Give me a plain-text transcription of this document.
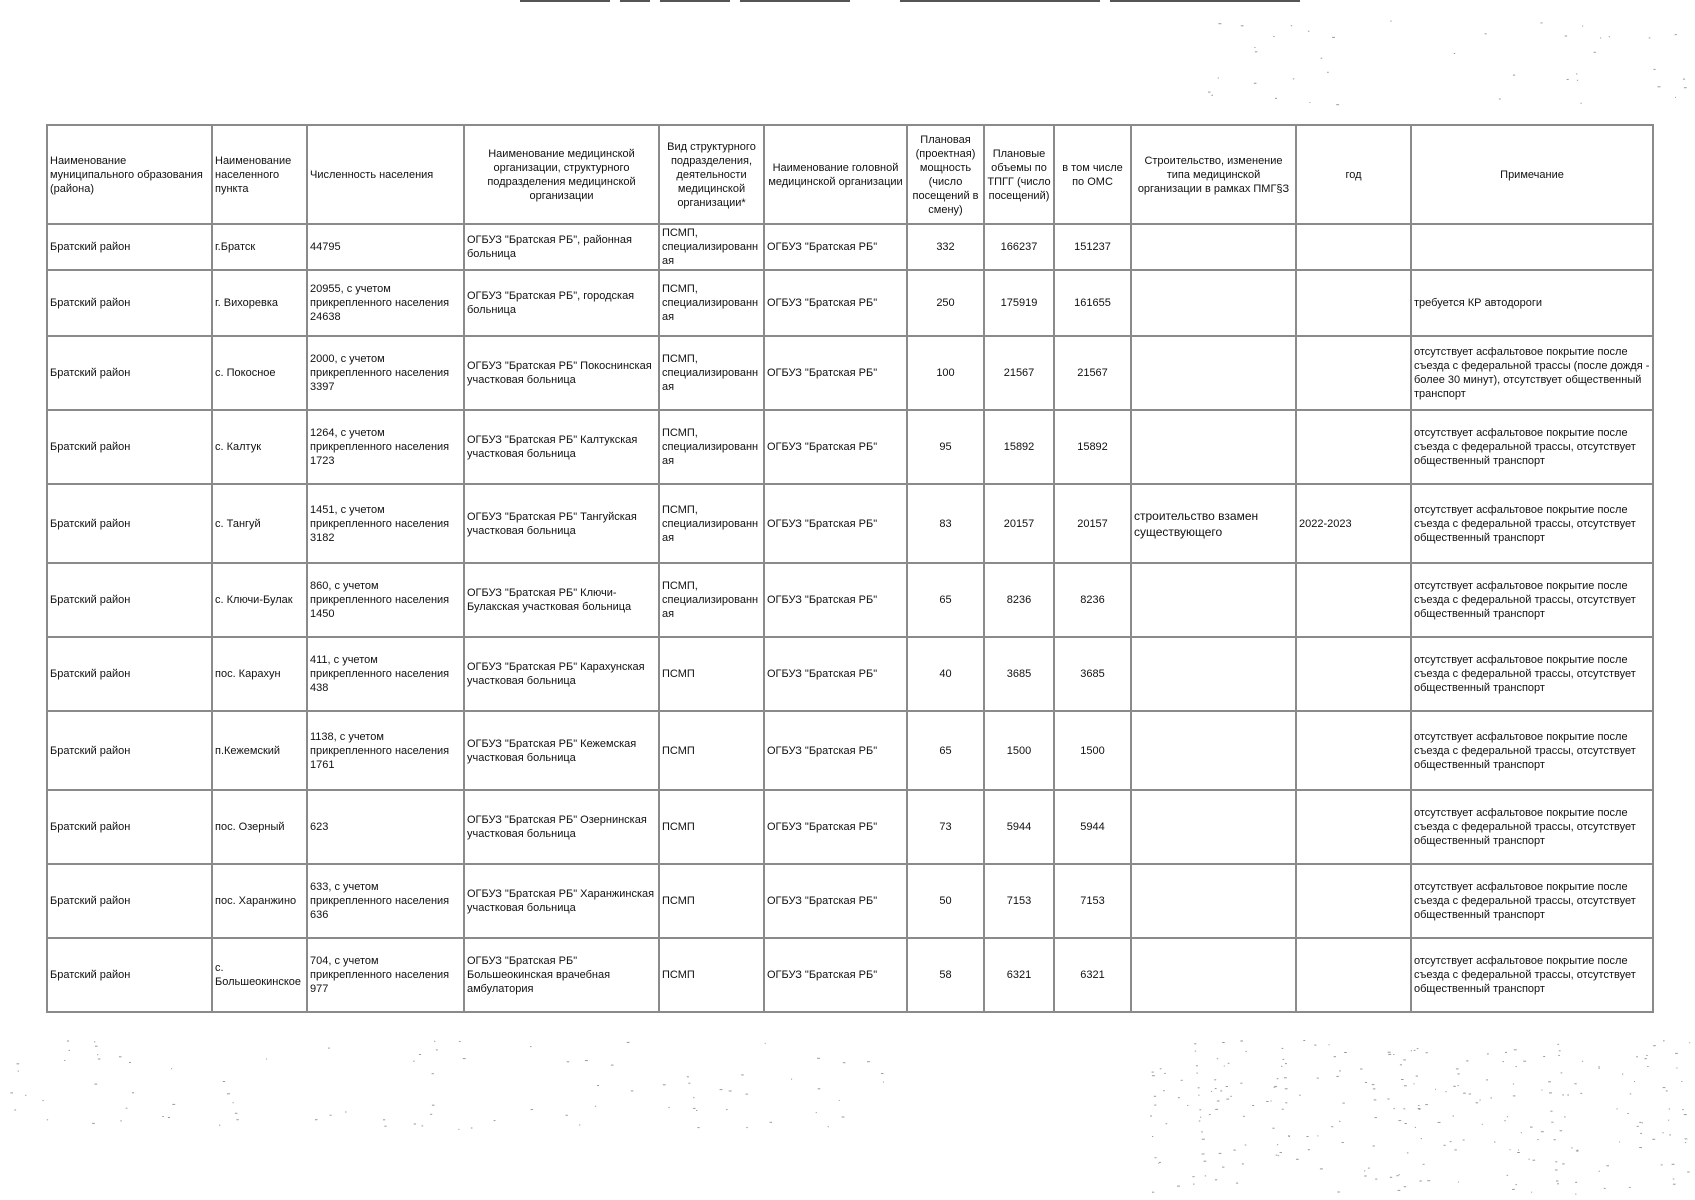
Наименование муниципального образования (района)	Наименование населенного пункта	Численность населения	Наименование медицинской организации, структурного подразделения медицинской организации	Вид структурного подразделения, деятельности медицинской организации*	Наименование головной медицинской организации	Плановая (проектная) мощность (число посещений в смену)	Плановые объемы по ТПГГ (число посещений)	в том числе по ОМС	Строительство, изменение типа медицинской организации в рамках ПМГ§З	год	Примечание
Братский район	г.Братск	44795	ОГБУЗ "Братская РБ", районная больница	ПСМП, специализированная	ОГБУЗ "Братская РБ"	332	166237	151237			
Братский район	г. Вихоревка	20955, с учетом прикрепленного населения 24638	ОГБУЗ "Братская РБ", городская больница	ПСМП, специализированная	ОГБУЗ "Братская РБ"	250	175919	161655			требуется КР автодороги
Братский район	с. Покосное	2000, с учетом прикрепленного населения 3397	ОГБУЗ "Братская РБ" Покоснинская участковая больница	ПСМП, специализированная	ОГБУЗ "Братская РБ"	100	21567	21567			отсутствует асфальтовое покрытие после съезда с федеральной трассы (после дождя - более 30 минут), отсутствует общественный транспорт
Братский район	с. Калтук	1264, с учетом прикрепленного населения 1723	ОГБУЗ "Братская РБ" Калтукская участковая больница	ПСМП, специализированная	ОГБУЗ "Братская РБ"	95	15892	15892			отсутствует асфальтовое покрытие после съезда с федеральной трассы, отсутствует общественный транспорт
Братский район	с. Тангуй	1451, с учетом прикрепленного населения 3182	ОГБУЗ "Братская РБ" Тангуйская участковая больница	ПСМП, специализированная	ОГБУЗ "Братская РБ"	83	20157	20157	строительство взамен существующего	2022-2023	отсутствует асфальтовое покрытие после съезда с федеральной трассы, отсутствует общественный транспорт
Братский район	с. Ключи-Булак	860, с учетом прикрепленного населения 1450	ОГБУЗ "Братская РБ" Ключи-Булакская участковая больница	ПСМП, специализированная	ОГБУЗ "Братская РБ"	65	8236	8236			отсутствует асфальтовое покрытие после съезда с федеральной трассы, отсутствует общественный транспорт
Братский район	пос. Карахун	411, с учетом прикрепленного населения 438	ОГБУЗ "Братская РБ" Карахунская участковая больница	ПСМП	ОГБУЗ "Братская РБ"	40	3685	3685			отсутствует асфальтовое покрытие после съезда с федеральной трассы, отсутствует общественный транспорт
Братский район	п.Кежемский	1138, с учетом прикрепленного населения 1761	ОГБУЗ "Братская РБ" Кежемская участковая больница	ПСМП	ОГБУЗ "Братская РБ"	65	1500	1500			отсутствует асфальтовое покрытие после съезда с федеральной трассы, отсутствует общественный транспорт
Братский район	пос. Озерный	623	ОГБУЗ "Братская РБ" Озернинская участковая больница	ПСМП	ОГБУЗ "Братская РБ"	73	5944	5944			отсутствует асфальтовое покрытие после съезда с федеральной трассы, отсутствует общественный транспорт
Братский район	пос. Харанжино	633, с учетом прикрепленного населения 636	ОГБУЗ "Братская РБ" Харанжинская участковая больница	ПСМП	ОГБУЗ "Братская РБ"	50	7153	7153			отсутствует асфальтовое покрытие после съезда с федеральной трассы, отсутствует общественный транспорт
Братский район	с. Большеокинское	704, с учетом прикрепленного населения 977	ОГБУЗ "Братская РБ" Большеокинская врачебная амбулатория	ПСМП	ОГБУЗ "Братская РБ"	58	6321	6321			отсутствует асфальтовое покрытие после съезда с федеральной трассы, отсутствует общественный транспорт
